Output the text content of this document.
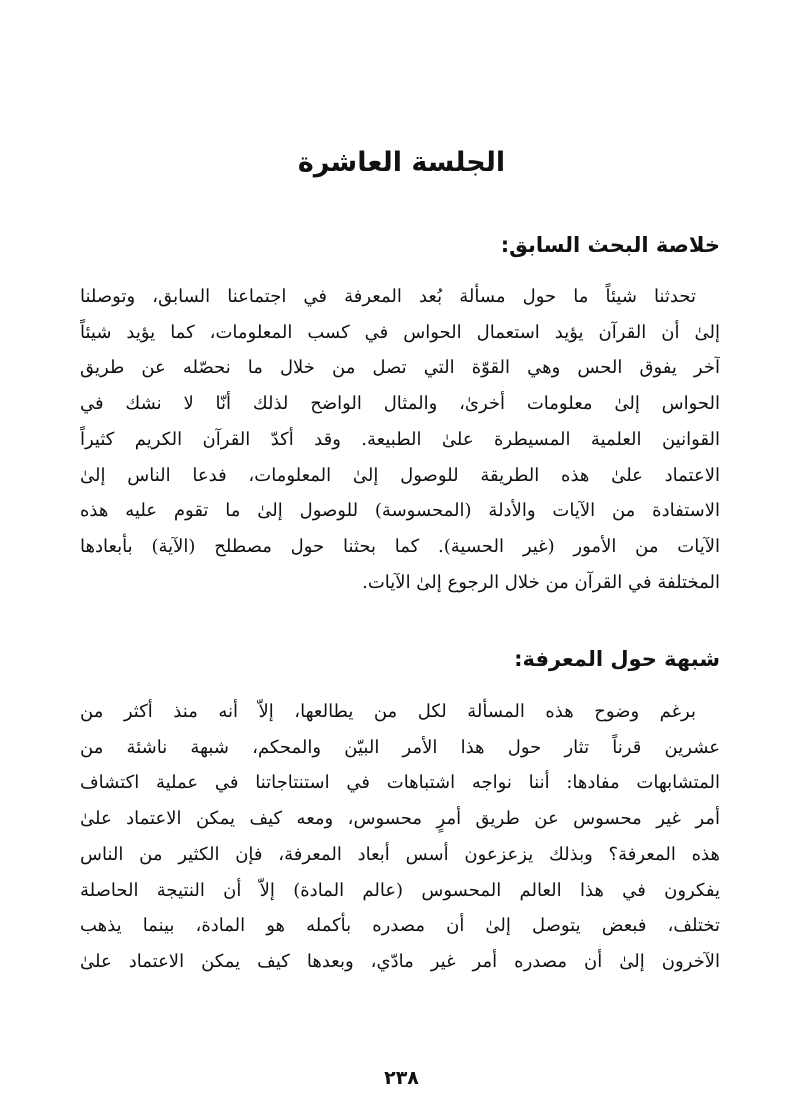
الجلسة العاشرة
خلاصة البحث السابق:

تحدثنا شيئاً ما حول مسألة بُعد المعرفة في اجتماعنا السابق، وتوصلنا
إلىٰ أن القرآن يؤيد استعمال الحواس في كسب المعلومات، كما يؤيد شيئاً
آخر يفوق الحس وهي القوّة التي تصل من خلال ما نحصّله عن طريق
الحواس إلىٰ معلومات أخرىٰ، والمثال الواضح لذلك أنّا لا نشك في
القوانين العلمية المسيطرة علىٰ الطبيعة. وقد أكدّ القرآن الكريم كثيراً
الاعتماد علىٰ هذه الطريقة للوصول إلىٰ المعلومات، فدعا الناس إلىٰ
الاستفادة من الآيات والأدلة (المحسوسة) للوصول إلىٰ ما تقوم عليه هذه
الآيات من الأمور (غير الحسية). كما بحثنا حول مصطلح (الآية) بأبعادها
المختلفة في القرآن من خلال الرجوع إلىٰ الآيات.

شبهة حول المعرفة:

برغم وضوح هذه المسألة لكل من يطالعها، إلاّ أنه منذ أكثر من
عشرين قرناً تثار حول هذا الأمر البيّن والمحكم، شبهة ناشئة من
المتشابهات مفادها: أننا نواجه اشتباهات في استنتاجاتنا في عملية اكتشاف
أمر غير محسوس عن طريق أمرٍ محسوس، ومعه كيف يمكن الاعتماد علىٰ
هذه المعرفة؟ وبذلك يزعزعون أسس أبعاد المعرفة، فإن الكثير من الناس
يفكرون في هذا العالم المحسوس (عالم المادة) إلاّ أن النتيجة الحاصلة
تختلف، فبعض يتوصل إلىٰ أن مصدره بأكمله هو المادة، بينما يذهب
الآخرون إلىٰ أن مصدره أمر غير مادّي، وبعدها كيف يمكن الاعتماد علىٰ

٢٣٨
